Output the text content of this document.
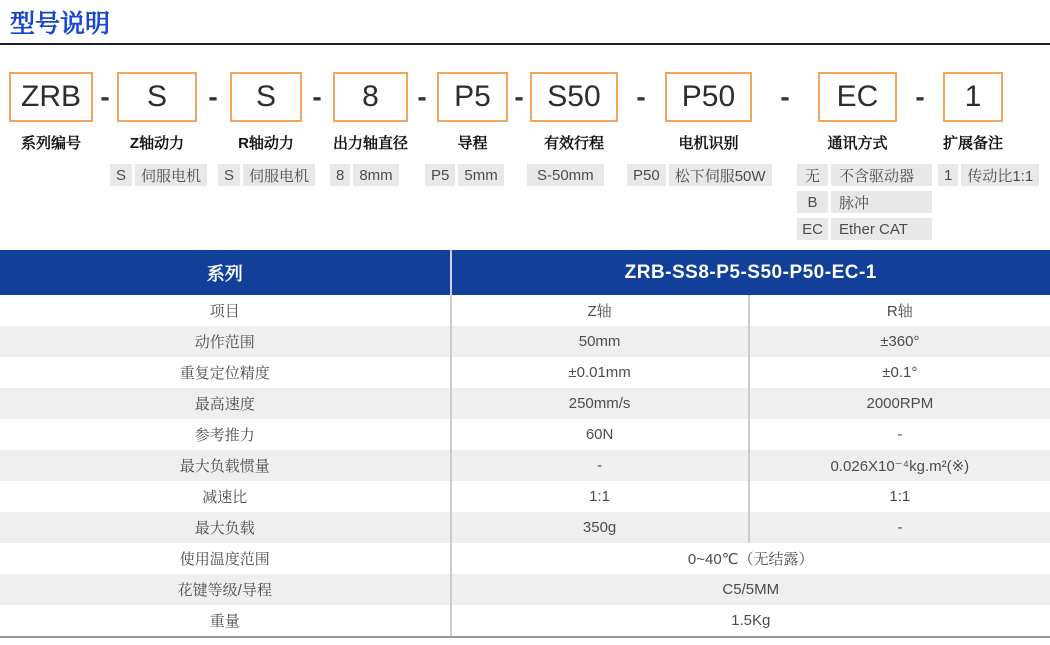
型号说明
ZRB
系列编号
S
Z轴动力
S
R轴动力
8
出力轴直径
P5
导程
S50
有效行程
P50
电机识别
EC
通讯方式
1
扩展备注
-	-	-	-	-	-	-	-
S	伺服电机	S	伺服电机	8	8mm	P5	5mm	S-50mm	P50	松下伺服50W	无	不含驱动器
B	脉冲
EC	Ether CAT
1	传动比1:1
系列	ZRB-SS8-P5-S50-P50-EC-1
项目	Z轴	R轴
动作范围	50mm	±360°
重复定位精度	±0.01mm	±0.1°
最高速度	250mm/s	2000RPM
参考推力	60N	-
最大负载惯量	-	0.026X10⁻⁴kg.m²(※)
减速比	1:1	1:1
最大负载	350g	-
使用温度范围	0~40℃（无结露）
花键等级/导程	C5/5MM
重量	1.5Kg
